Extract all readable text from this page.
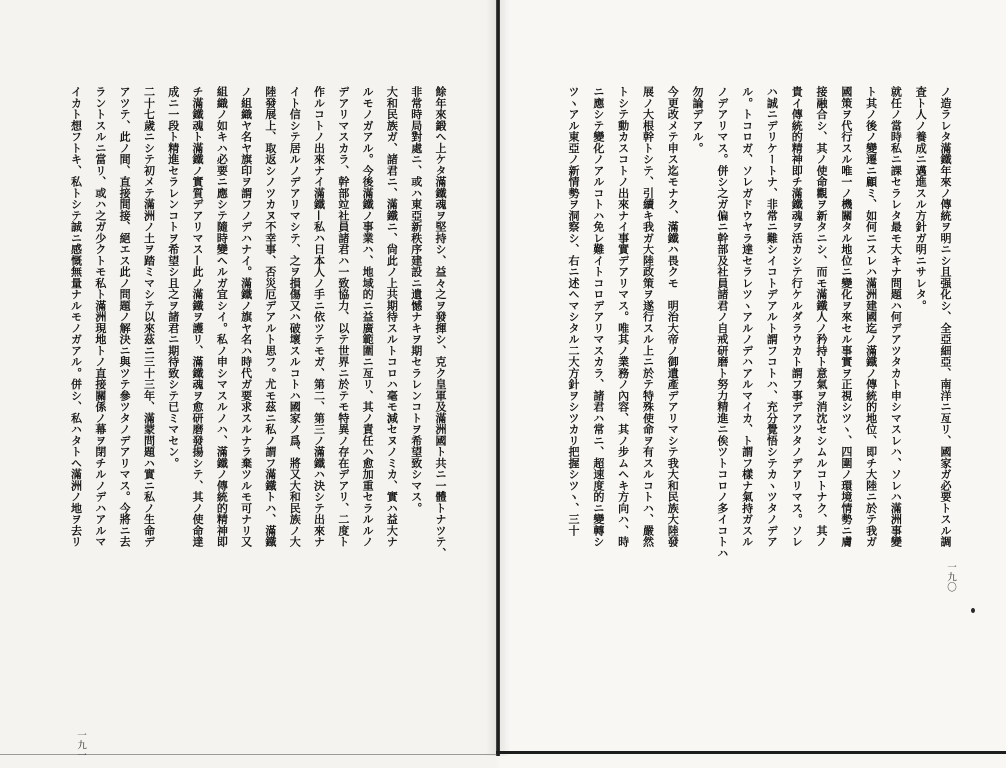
ノ造ラレタ滿鐵年來ノ傳統ヲ明ニシ且强化シ、全亞細亞、南洋ニ亙リ、國家ガ必要トスル調
査ト人ノ養成ニ邁進スル方針ガ明ニサレタ。
就任ノ當時私ニ課セラレタ最モ大キナ問題ハ何デアツタカト申シマスレハ、ソレハ滿洲事變
ト其ノ後ノ變遷ニ顧ミ、如何ニスレハ滿洲建國迄ノ滿鐵ノ傳統的地位、即チ大陸ニ於テ我ガ
國策ヲ代行スル唯一ノ機關タル地位ニ變化ヲ來セル事實ヲ正視シツヽ、四圍ノ環境情勢ニ膚
接融合シ、其ノ使命觀ヲ新タニシ、而モ滿鐵人ノ矜持ト意氣ヲ消沈セシムルコトナク、其ノ
貴イ傳統的精神即チ滿鐵魂ヲ活カシテ行ケルダラウカト謂フ事デアツタノデアリマス。ソレ
ハ誠ニデリケートナ、非常ニ難シイコトデアルト謂フコトハ、充分覺悟シテカヽツタノデア
ル。トコロガ、ソレガドウヤラ達セラレツヽアルノデハアルマイカ、ト謂フ樣ナ氣持ガスル
ノデアリマス。併シ之ガ偏ニ幹部及社員諸君ノ自戒研磨ト努力精進ニ俟ツトコロノ多イコトハ
勿論デアル。
今更改メテ申ス迄モナク、滿鐵ハ畏クモ　明治大帝ノ御遺產デアリマシテ我大和民族大陸發
展ノ大根幹トシテ、引續キ我ガ大陸政策ヲ遂行スル上ニ於テ特殊使命ヲ有スルコトハ、嚴然
トシテ動カスコトノ出來ナイ事實デアリマス。唯其ノ業務ノ內容、其ノ步ムヘキ方向ハ、時
ニ應シテ變化ノアルコトハ免レ難イトコロデアリマスカラ、諸君ハ常ニ、超速度的ニ變轉シ
ツヽアル東亞ノ新情勢ヲ洞察シ、右ニ述ヘマシタル二大方針ヲシツカリ把握シツヽ、三十
一九〇
餘年來鍛ヘ上ケタ滿鐵魂ヲ堅持シ、益々之ヲ發揮シ、克ク皇軍及滿洲國ト共ニ一體トナツテ、
非常時局對處ニ、或ハ東亞新秩序建設ニ遺憾ナキヲ期セラレンコトヲ希望致シマス。
大和民族ガ、諸君ニ、滿鐵ニ、尙此ノ上共期待スルトコロハ毫モ減セヌノミカ、實ハ益大ナ
ルモノガアル。今後滿鐵ノ事業ハ、地域的ニ益廣範圍ニ亙リ、其ノ責任ハ愈加重セラルルノ
デアリマスカラ、幹部竝社員諸君ハ一致協力、以テ世界ニ於テモ特異ノ存在デアリ、二度ト
作ルコトノ出來ナイ滿鐵—私ハ日本人ノ手ニ依ツテモガ、第二、第三ノ滿鐵ハ決シテ出來ナ
イト信シテ居ルノデアリマシテ、之ヲ損傷又ハ破壞スルコトハ國家ノ爲、將又大和民族ノ大
陸發展上、取返シノツカヌ不幸事、否災厄デアルト思フ。尤モ茲ニ私ノ謂フ滿鐵トハ、滿鐵
ノ組織ヤ名ヤ旗印ヲ謂フノデハナイ。滿鐵ノ旗ヤ名ハ時代ガ要求スルナラ棄ツルモ可ナリ又
組織ノ如キハ必要ニ應シテ隨時變ヘルガ宜シイ。私ノ申シマスルノハ、滿鐵ノ傳統的精神即
チ滿鐵魂ト滿鐵ノ實質デアリマス—此ノ滿鐵ヲ護リ、滿鐵魂ヲ愈研磨發揚シテ、其ノ使命達
成ニ一段ト精進セラレンコトヲ希望シ且之ヲ諸君ニ期待致シテ已ミマセン。
二十七歲ニシテ初メテ滿洲ノ土ヲ踏ミマシテ以來茲ニ三十三年、滿蒙問題ハ實ニ私ノ生命デ
アツテ、此ノ間、直接間接、絕エス此ノ問題ノ解決ニ與ツテ參ツタノデアリマス。今將ニ去
ラントスルニ當リ、或ハ之ガ少クトモ私ト滿洲現地トノ直接關係ノ幕ヲ閉チルノデハアルマ
イカト想フトキ、私トシテ誠ニ感慨無量ナルモノガアル。併シ、私ハタトヘ滿洲ノ地ヲ去リ
一九一
